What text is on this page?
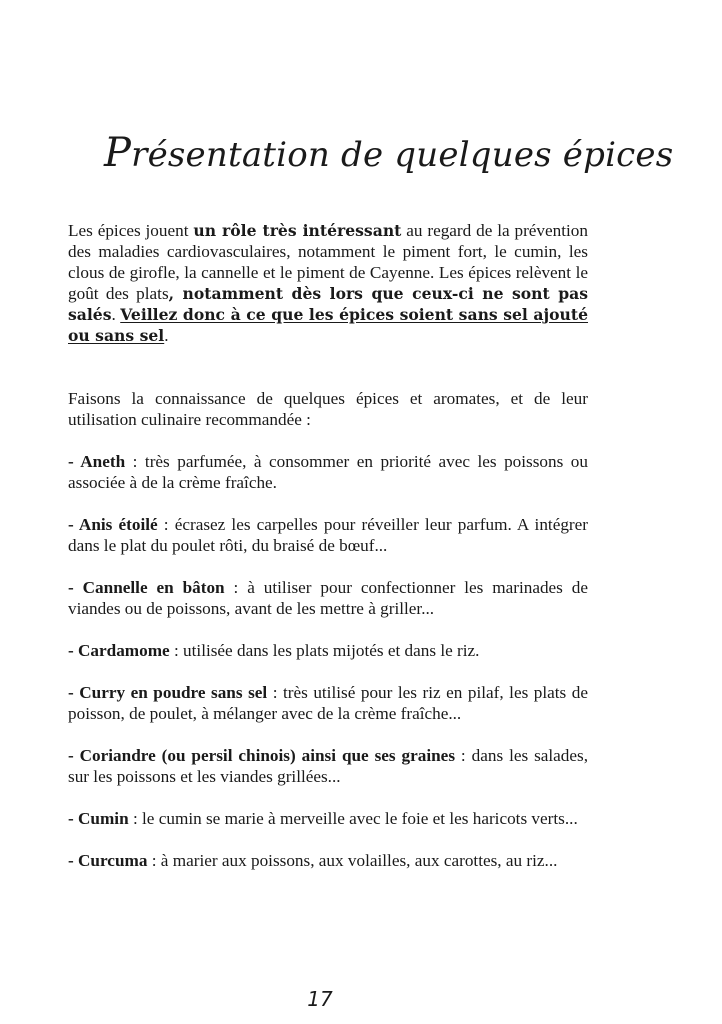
Présentation de quelques épices

Les épices jouent un rôle très intéressant au regard de la prévention des maladies cardiovasculaires, notamment le piment fort, le cumin, les clous de girofle, la cannelle et le piment de Cayenne. Les épices relèvent le goût des plats, notamment dès lors que ceux-ci ne sont pas salés. Veillez donc à ce que les épices soient sans sel ajouté ou sans sel.

Faisons la connaissance de quelques épices et aromates, et de leur utilisation culinaire recommandée :

- Aneth : très parfumée, à consommer en priorité avec les poissons ou associée à de la crème fraîche.

- Anis étoilé : écrasez les carpelles pour réveiller leur parfum. A intégrer dans le plat du poulet rôti, du braisé de bœuf...

- Cannelle en bâton : à utiliser pour confectionner les marinades de viandes ou de poissons, avant de les mettre à griller...

- Cardamome : utilisée dans les plats mijotés et dans le riz.

- Curry en poudre sans sel : très utilisé pour les riz en pilaf, les plats de poisson, de poulet, à mélanger avec de la crème fraîche...

- Coriandre (ou persil chinois) ainsi que ses graines : dans les salades, sur les poissons et les viandes grillées...

- Cumin : le cumin se marie à merveille avec le foie et les haricots verts...

- Curcuma : à marier aux poissons, aux volailles, aux carottes, au riz...

17
